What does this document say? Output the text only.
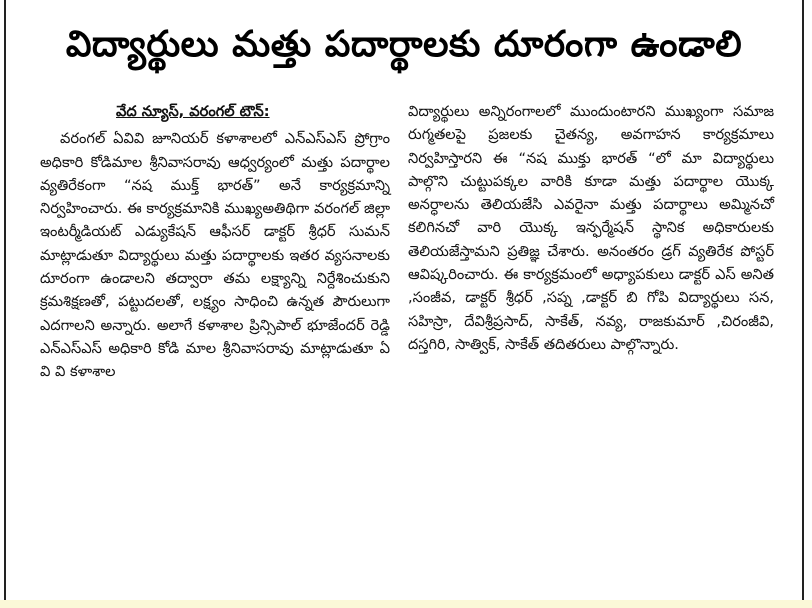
విద్యార్థులు మత్తు పదార్థాలకు దూరంగా ఉండాలి
వేద న్యూస్, వరంగల్ టౌన్:
వరంగల్ ఏవివి జూనియర్ కళాశాలలో ఎన్ఎస్ఎస్ ప్రోగ్రాం అధికారి కోడిమాల శ్రీనివాసరావు ఆధ్వర్యంలో మత్తు పదార్థాల వ్యతిరేకంగా “నష ముక్త్ భారత్” అనే కార్యక్రమాన్ని నిర్వహించారు. ఈ కార్యక్రమానికి ముఖ్యఅతిథిగా వరంగల్ జిల్లా ఇంటర్మీడియట్ ఎడ్యుకేషన్ ఆఫీసర్ డాక్టర్ శ్రీధర్ సుమన్ మాట్లాడుతూ విద్యార్థులు మత్తు పదార్థాలకు ఇతర వ్యసనాలకు దూరంగా ఉండాలని తద్వారా తమ లక్ష్యాన్ని నిర్దేశించుకుని క్రమశిక్షణతో, పట్టుదలతో, లక్ష్యం సాధించి ఉన్నత పౌరులుగా ఎదగాలని అన్నారు. అలాగే కళాశాల ప్రిన్సిపాల్ భూజేందర్ రెడ్డి ఎన్ఎస్ఎస్ అధికారి కోడి మాల శ్రీనివాసరావు మాట్లాడుతూ ఏ వి వి కళాశాల
విద్యార్థులు అన్నిరంగాలలో ముందుంటారని ముఖ్యంగా సమాజ రుగ్మతలపై ప్రజలకు చైతన్య, అవగాహన కార్యక్రమాలు నిర్వహిస్తారని ఈ “నష ముక్తు భారత్ “లో మా విద్యార్థులు పాల్గొని చుట్టుపక్కల వారికి కూడా మత్తు పదార్థాల యొక్క అనర్ధాలను తెలియజేసి ఎవరైనా మత్తు పదార్థాలు అమ్మినచో కలిగినచో వారి యొక్క ఇన్ఫర్మేషన్ స్థానిక అధికారులకు తెలియజేస్తామని ప్రతిజ్ఞ చేశారు. అనంతరం డ్రగ్ వ్యతిరేక పోస్టర్ ఆవిష్కరించారు. ఈ కార్యక్రమంలో అధ్యాపకులు డాక్టర్ ఎస్ అనిత ,సంజీవ, డాక్టర్ శ్రీధర్ ,సప్న ,డాక్టర్ బి గోపి విద్యార్థులు సన, సహిస్రా, దేవిశ్రీప్రసాద్, సాకేత్, నవ్య, రాజకుమార్ ,చిరంజీవి, దస్తగిరి, సాత్విక్, సాకేత్ తదితరులు పాల్గొన్నారు.
